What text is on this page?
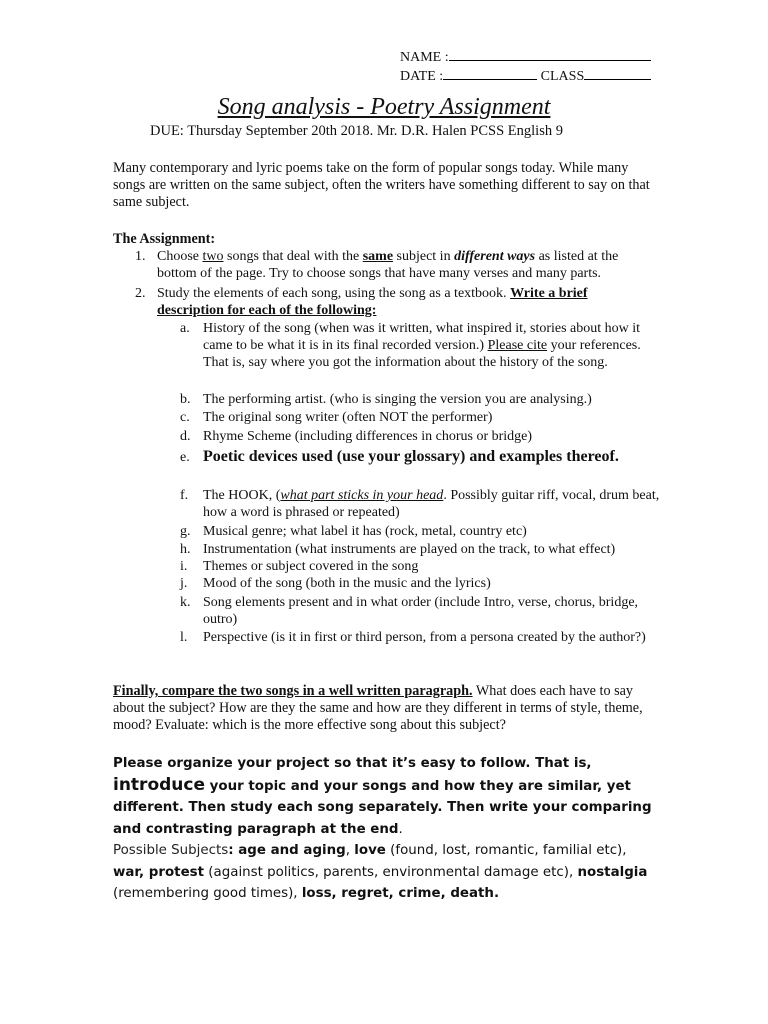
NAME :
DATE :	CLASS
Song analysis - Poetry Assignment
DUE: Thursday September 20th 2018. Mr. D.R. Halen PCSS English 9
Many contemporary and lyric poems take on the form of popular songs today. While many songs are written on the same subject, often the writers have something different to say on that same subject.
The Assignment:
1. Choose two songs that deal with the same subject in different ways as listed at the bottom of the page. Try to choose songs that have many verses and many parts.
2. Study the elements of each song, using the song as a textbook. Write a brief description for each of the following:
a. History of the song (when was it written, what inspired it, stories about how it came to be what it is in its final recorded version.) Please cite your references. That is, say where you got the information about the history of the song.
b. The performing artist. (who is singing the version you are analysing.)
c. The original song writer (often NOT the performer)
d. Rhyme Scheme (including differences in chorus or bridge)
e. Poetic devices used (use your glossary) and examples thereof.
f. The HOOK, (what part sticks in your head. Possibly guitar riff, vocal, drum beat, how a word is phrased or repeated)
g. Musical genre; what label it has (rock, metal, country etc)
h. Instrumentation (what instruments are played on the track, to what effect)
i. Themes or subject covered in the song
j. Mood of the song (both in the music and the lyrics)
k. Song elements present and in what order (include Intro, verse, chorus, bridge, outro)
l. Perspective (is it in first or third person, from a persona created by the author?)
Finally, compare the two songs in a well written paragraph. What does each have to say about the subject? How are they the same and how are they different in terms of style, theme, mood? Evaluate: which is the more effective song about this subject?
Please organize your project so that it’s easy to follow. That is,
introduce your topic and your songs and how they are similar, yet different. Then study each song separately. Then write your comparing and contrasting paragraph at the end.
Possible Subjects: age and aging, love (found, lost, romantic, familial etc),
war, protest (against politics, parents, environmental damage etc), nostalgia
(remembering good times), loss, regret, crime, death.
